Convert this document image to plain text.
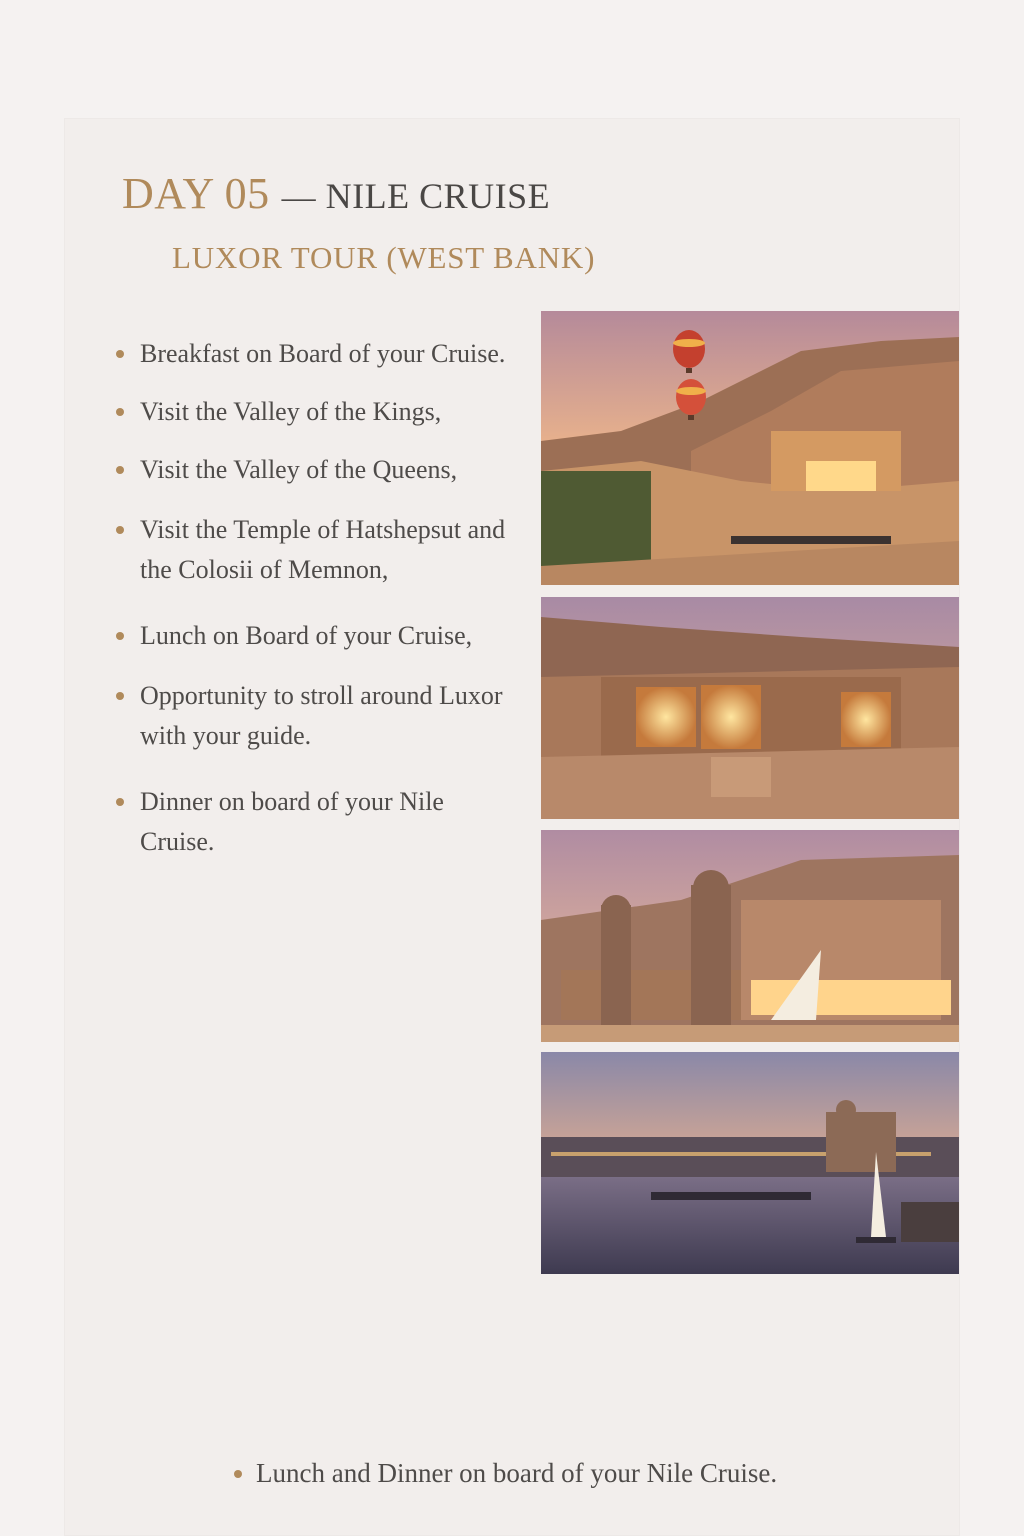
DAY 05 — NILE CRUISE
LUXOR TOUR (WEST BANK)
Breakfast on Board of your Cruise.
Visit the Valley of the Kings,
Visit the Valley of the Queens,
Visit the Temple of Hatshepsut and the Colosii of Memnon,
Lunch on Board of your Cruise,
Opportunity to stroll around Luxor with your guide.
Dinner on board of your Nile Cruise.

Lunch and Dinner on board of your Nile Cruise.
